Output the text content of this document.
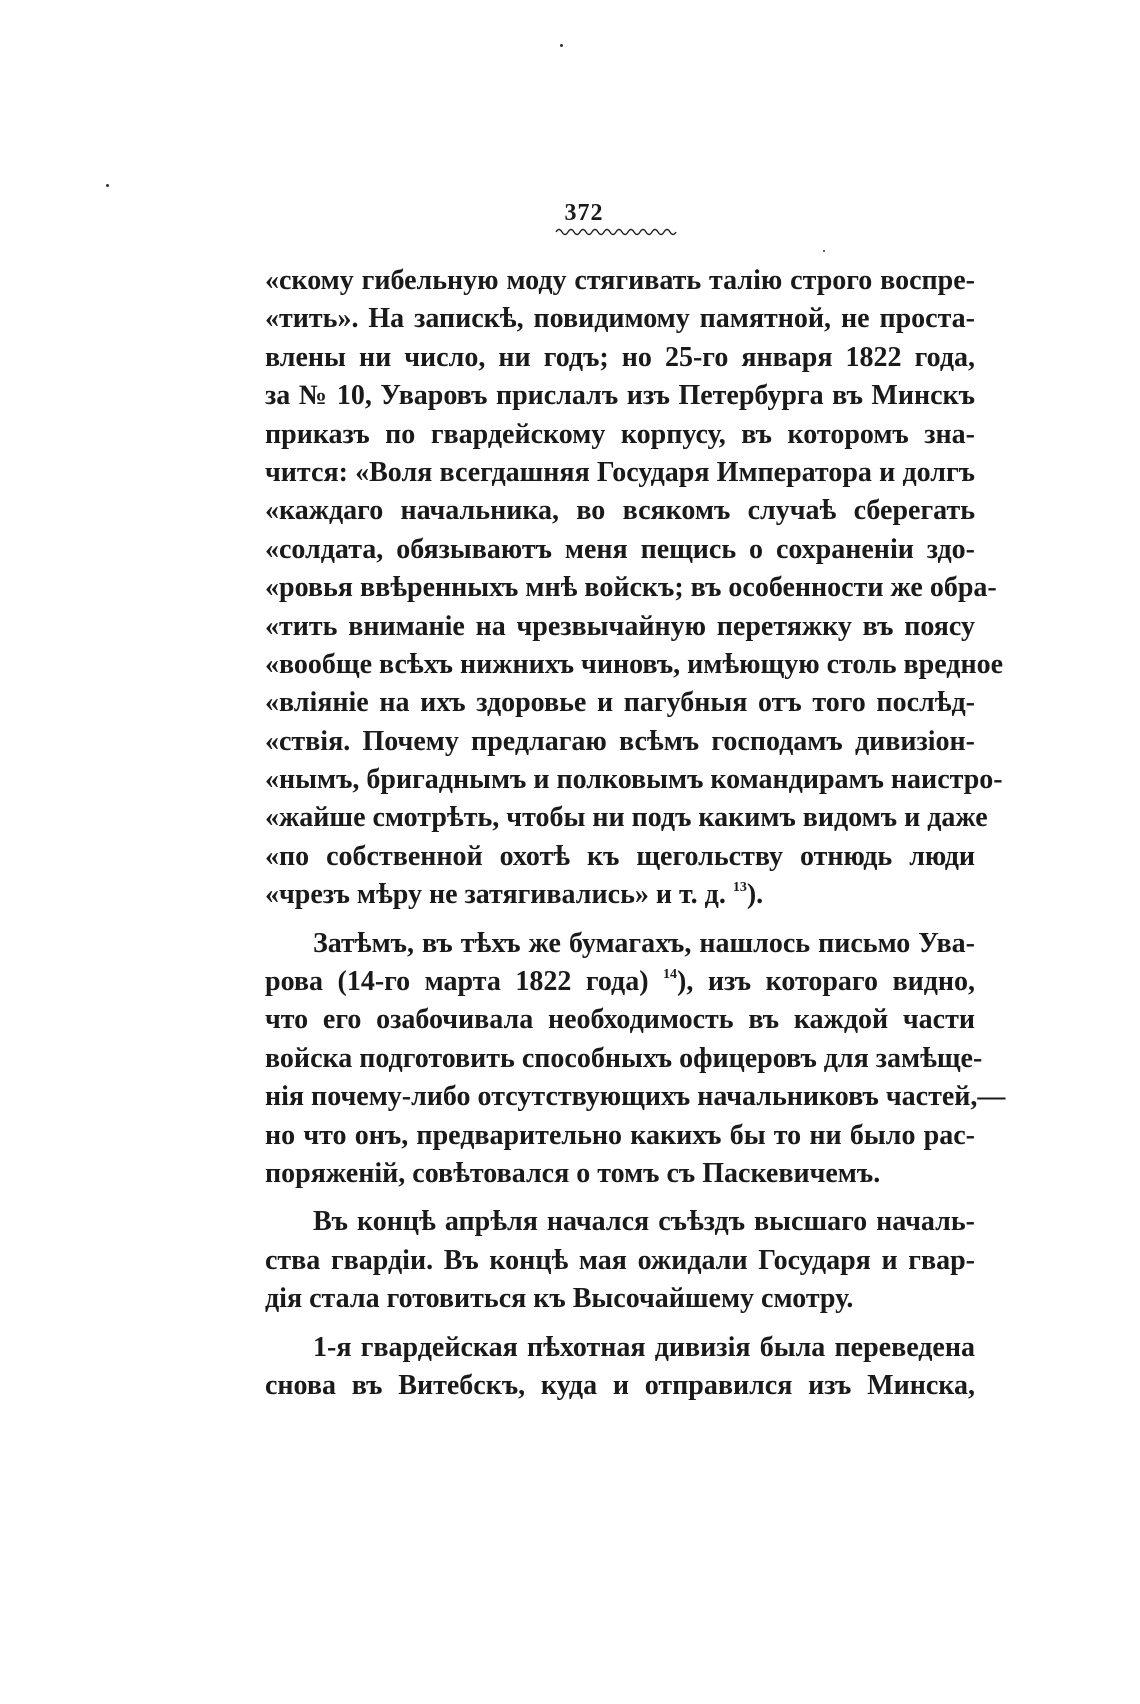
372
«скому гибельную моду стягивать талію строго воспре-
«тить». На запискѣ, повидимому памятной, не проста-
влены ни число, ни годъ; но 25-го января 1822 года,
за № 10, Уваровъ прислалъ изъ Петербурга въ Минскъ
приказъ по гвардейскому корпусу, въ которомъ зна-
чится: «Воля всегдашняя Государя Императора и долгъ
«каждаго начальника, во всякомъ случаѣ сберегать
«солдата, обязываютъ меня пещись о сохраненіи здо-
«ровья ввѣренныхъ мнѣ войскъ; въ особенности же обра-
«тить вниманіе на чрезвычайную перетяжку въ поясу
«вообще всѣхъ нижнихъ чиновъ, имѣющую столь вредное
«вліяніе на ихъ здоровье и пагубныя отъ того послѣд-
«ствія. Почему предлагаю всѣмъ господамъ дивизіон-
«нымъ, бригаднымъ и полковымъ командирамъ наистро-
«жайше смотрѣть, чтобы ни подъ какимъ видомъ и даже
«по собственной охотѣ къ щегольству отнюдь люди
«чрезъ мѣру не затягивались» и т. д. $^{13}$).
Затѣмъ, въ тѣхъ же бумагахъ, нашлось письмо Ува-
рова (14-го марта 1822 года) $^{14}$), изъ котораго видно,
что его озабочивала необходимость въ каждой части
войска подготовить способныхъ офицеровъ для замѣще-
нія почему-либо отсутствующихъ начальниковъ частей,—
но что онъ, предварительно какихъ бы то ни было рас-
поряженій, совѣтовался о томъ съ Паскевичемъ.
Въ концѣ апрѣля начался съѣздъ высшаго началь-
ства гвардіи. Въ концѣ мая ожидали Государя и гвар-
дія стала готовиться къ Высочайшему смотру.
1-я гвардейская пѣхотная дивизія была переведена
снова въ Витебскъ, куда и отправился изъ Минска,
